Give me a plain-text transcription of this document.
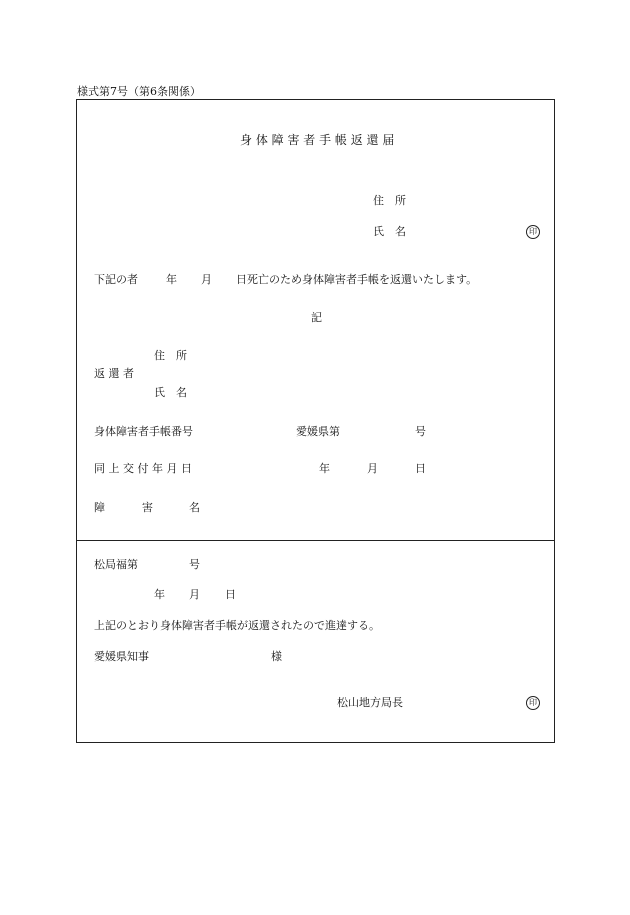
様式第7号（第6条関係）
身 体 障 害 者 手 帳 返 還 届
住　所
氏　名	印
下記の者	年 月 日死亡のため身体障害者手帳を返還いたします。
記
住　所
返 還 者
氏　名
身体障害者手帳番号	愛媛県第	号
同 上 交 付 年 月 日	年	月	日
障	害	名
松局福第	号
年 月 日
上記のとおり身体障害者手帳が返還されたので進達する。
愛媛県知事	様
松山地方局長	印
